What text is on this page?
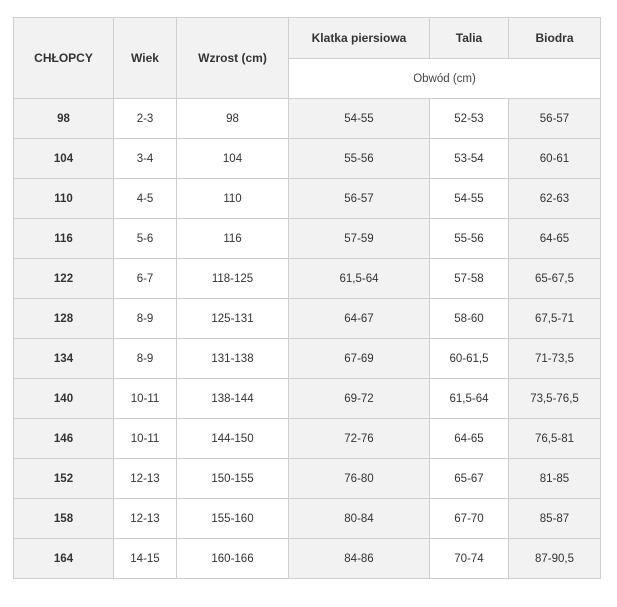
CHŁOPCY	Wiek	Wzrost (cm)	Klatka piersiowa	Talia	Biodra
			Obwód (cm)		
98	2-3	98	54-55	52-53	56-57
104	3-4	104	55-56	53-54	60-61
110	4-5	110	56-57	54-55	62-63
116	5-6	116	57-59	55-56	64-65
122	6-7	118-125	61,5-64	57-58	65-67,5
128	8-9	125-131	64-67	58-60	67,5-71
134	8-9	131-138	67-69	60-61,5	71-73,5
140	10-11	138-144	69-72	61,5-64	73,5-76,5
146	10-11	144-150	72-76	64-65	76,5-81
152	12-13	150-155	76-80	65-67	81-85
158	12-13	155-160	80-84	67-70	85-87
164	14-15	160-166	84-86	70-74	87-90,5
